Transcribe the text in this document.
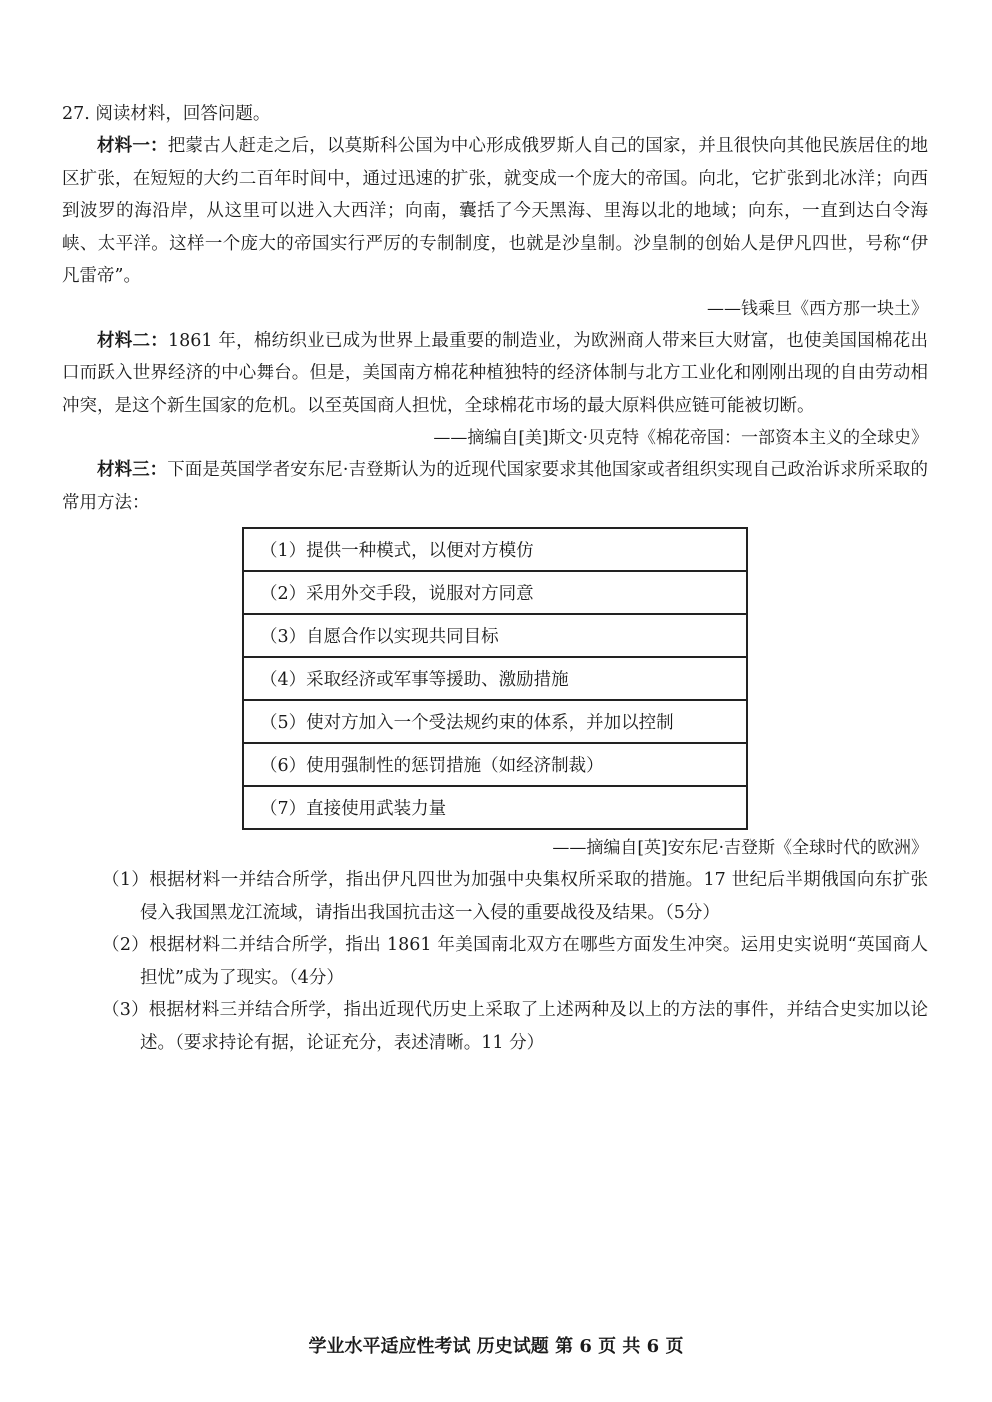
27. 阅读材料，回答问题。

材料一：把蒙古人赶走之后，以莫斯科公国为中心形成俄罗斯人自己的国家，并且很快向其他民族居住的地区扩张，在短短的大约二百年时间中，通过迅速的扩张，就变成一个庞大的帝国。向北，它扩张到北冰洋；向西到波罗的海沿岸，从这里可以进入大西洋；向南，囊括了今天黑海、里海以北的地域；向东，一直到达白令海峡、太平洋。这样一个庞大的帝国实行严厉的专制制度，也就是沙皇制。沙皇制的创始人是伊凡四世，号称“伊凡雷帝”。

——钱乘旦《西方那一块土》

材料二：1861 年，棉纺织业已成为世界上最重要的制造业，为欧洲商人带来巨大财富，也使美国国棉花出口而跃入世界经济的中心舞台。但是，美国南方棉花种植独特的经济体制与北方工业化和刚刚出现的自由劳动相冲突，是这个新生国家的危机。以至英国商人担忧，全球棉花市场的最大原料供应链可能被切断。

——摘编自[美]斯文·贝克特《棉花帝国：一部资本主义的全球史》

材料三：下面是英国学者安东尼·吉登斯认为的近现代国家要求其他国家或者组织实现自己政治诉求所采取的常用方法：

（1）提供一种模式，以便对方模仿
（2）采用外交手段，说服对方同意
（3）自愿合作以实现共同目标
（4）采取经济或军事等援助、激励措施
（5）使对方加入一个受法规约束的体系，并加以控制
（6）使用强制性的惩罚措施（如经济制裁）
（7）直接使用武装力量

——摘编自[英]安东尼·吉登斯《全球时代的欧洲》

（1）根据材料一并结合所学，指出伊凡四世为加强中央集权所采取的措施。17 世纪后半期俄国向东扩张侵入我国黑龙江流域，请指出我国抗击这一入侵的重要战役及结果。（5分）

（2）根据材料二并结合所学，指出 1861 年美国南北双方在哪些方面发生冲突。运用史实说明“英国商人担忧”成为了现实。（4分）

（3）根据材料三并结合所学，指出近现代历史上采取了上述两种及以上的方法的事件，并结合史实加以论述。（要求持论有据，论证充分，表述清晰。11 分）

学业水平适应性考试 历史试题 第 6 页 共 6 页
